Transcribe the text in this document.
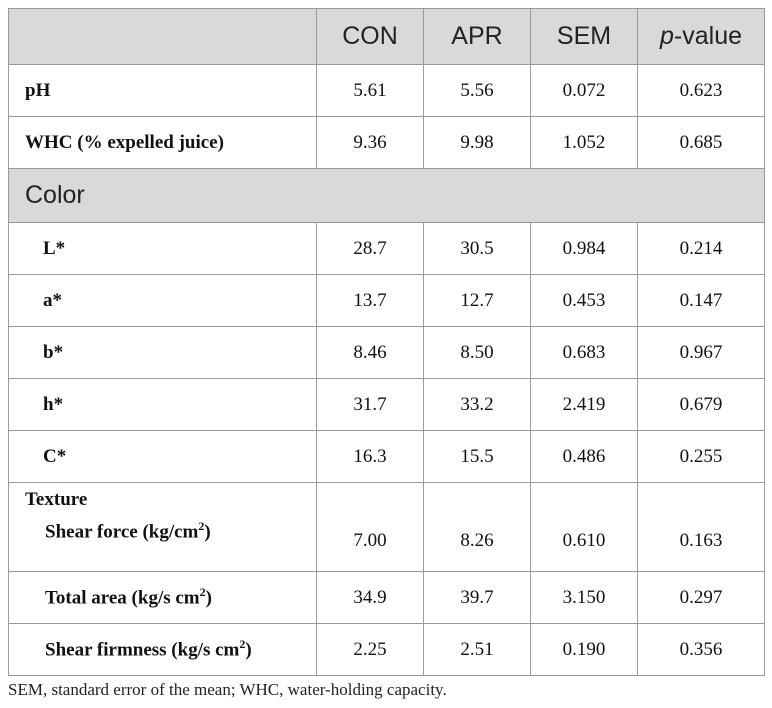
	CON	APR	SEM	p-value
pH	5.61	5.56	0.072	0.623
WHC (% expelled juice)	9.36	9.98	1.052	0.685
Color				
L*	28.7	30.5	0.984	0.214
a*	13.7	12.7	0.453	0.147
b*	8.46	8.50	0.683	0.967
h*	31.7	33.2	2.419	0.679
C*	16.3	15.5	0.486	0.255
Texture				
Shear force $(kg/cm^2)$	7.00	8.26	0.610	0.163
Total area (kg/s $cm^2$)	34.9	39.7	3.150	0.297
Shear firmness (kg/s $cm^2$)	2.25	2.51	0.190	0.356
SEM, standard error of the mean; WHC, water-holding capacity.
